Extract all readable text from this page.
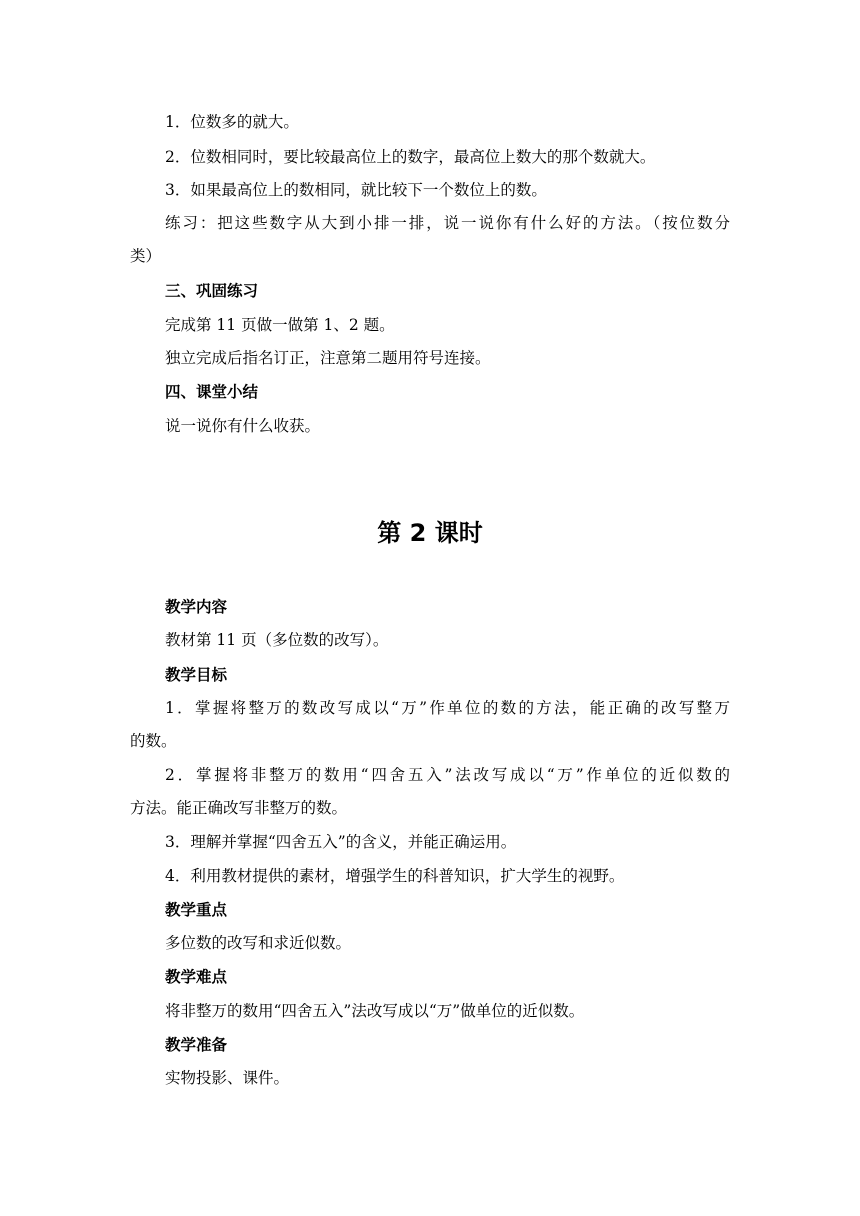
1．位数多的就大。
2．位数相同时，要比较最高位上的数字，最高位上数大的那个数就大。
3．如果最高位上的数相同，就比较下一个数位上的数。
练习：把这些数字从大到小排一排，说一说你有什么好的方法。（按位数分
类）
三、巩固练习
完成第 11 页做一做第 1、2 题。
独立完成后指名订正，注意第二题用符号连接。
四、课堂小结
说一说你有什么收获。
第 2 课时
教学内容
教材第 11 页（多位数的改写）。
教学目标
1．掌握将整万的数改写成以“万”作单位的数的方法，能正确的改写整万
的数。
2．掌握将非整万的数用“四舍五入”法改写成以“万”作单位的近似数的
方法。能正确改写非整万的数。
3．理解并掌握“四舍五入”的含义，并能正确运用。
4．利用教材提供的素材，增强学生的科普知识，扩大学生的视野。
教学重点
多位数的改写和求近似数。
教学难点
将非整万的数用“四舍五入”法改写成以“万”做单位的近似数。
教学准备
实物投影、课件。
